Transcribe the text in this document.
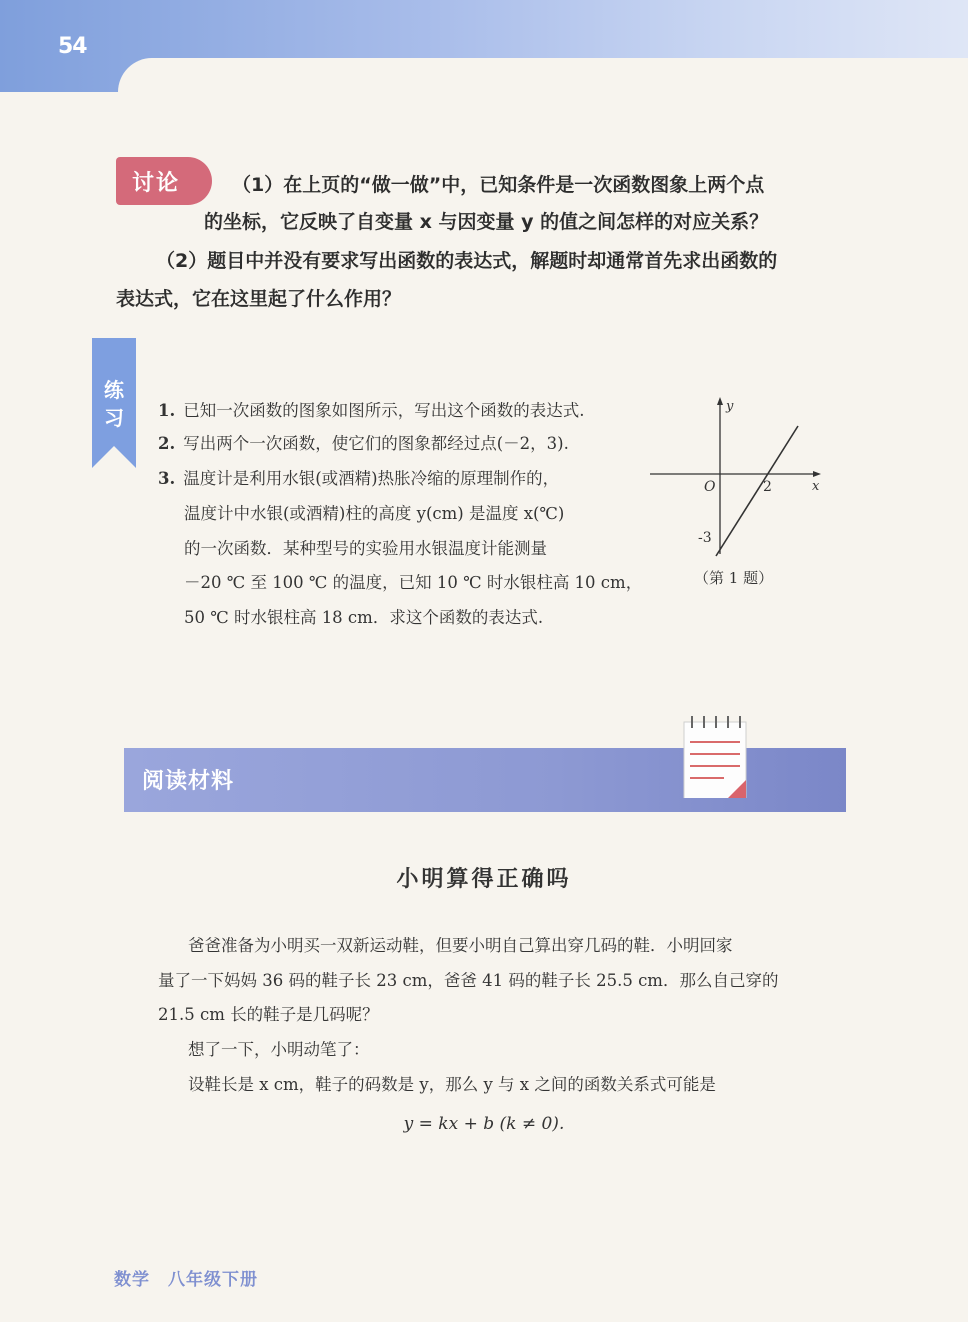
54
讨论	（1）在上页的“做一做”中，已知条件是一次函数图象上两个点
的坐标，它反映了自变量 x 与因变量 y 的值之间怎样的对应关系？
（2）题目中并没有要求写出函数的表达式，解题时却通常首先求出函数的
表达式，它在这里起了什么作用？
练习 1. 已知一次函数的图象如图所示，写出这个函数的表达式.
2. 写出两个一次函数，使它们的图象都经过点(－2，3).
3. 温度计是利用水银(或酒精)热胀冷缩的原理制作的，
温度计中水银(或酒精)柱的高度 y(cm) 是温度 x(℃)
的一次函数．某种型号的实验用水银温度计能测量
－20 ℃ 至 100 ℃ 的温度，已知 10 ℃ 时水银柱高 10 cm，
50 ℃ 时水银柱高 18 cm．求这个函数的表达式.
y
x
O	2
-3
（第 1 题）
阅读材料
小明算得正确吗
爸爸准备为小明买一双新运动鞋，但要小明自己算出穿几码的鞋．小明回家
量了一下妈妈 36 码的鞋子长 23 cm，爸爸 41 码的鞋子长 25.5 cm．那么自己穿的
21.5 cm 长的鞋子是几码呢？
想了一下，小明动笔了：
设鞋长是 x cm，鞋子的码数是 y，那么 y 与 x 之间的函数关系式可能是
y = kx + b (k ≠ 0).
数学　八年级下册
